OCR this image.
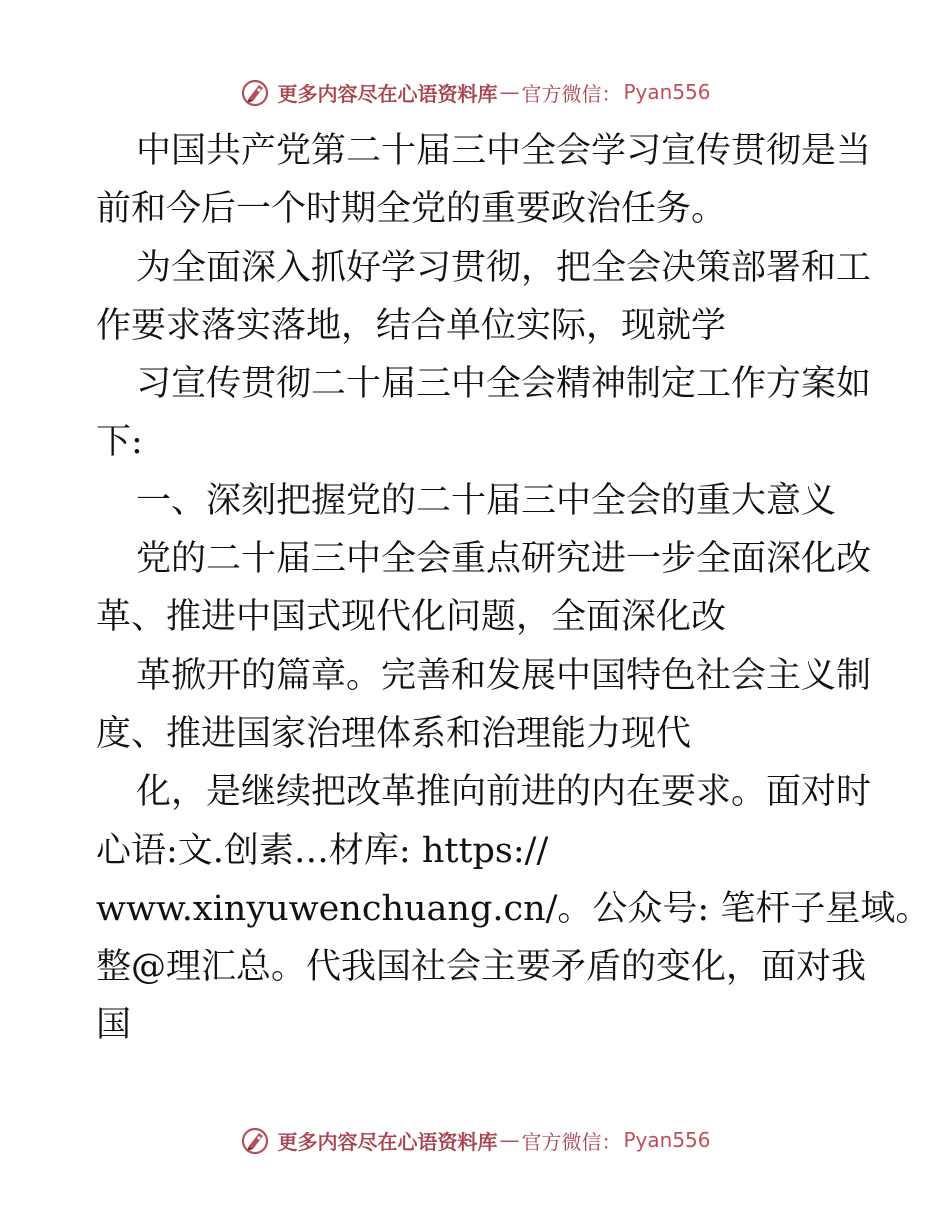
更多内容尽在心语资料库 — 官方微信： Pyan556
中国共产党第二十届三中全会学习宣传贯彻是当
前和今后一个时期全党的重要政治任务。
为全面深入抓好学习贯彻，把全会决策部署和工
作要求落实落地，结合单位实际，现就学
习宣传贯彻二十届三中全会精神制定工作方案如
下:
一、深刻把握党的二十届三中全会的重大意义
党的二十届三中全会重点研究进一步全面深化改
革、推进中国式现代化问题，全面深化改
革掀开的篇章。完善和发展中国特色社会主义制
度、推进国家治理体系和治理能力现代
化，是继续把改革推向前进的内在要求。面对时
心语:文.创素…材库: https://
www.xinyuwenchuang.cn/。公众号: 笔杆子星域。
整@理汇总。代我国社会主要矛盾的变化，面对我
国
更多内容尽在心语资料库 — 官方微信： Pyan556
